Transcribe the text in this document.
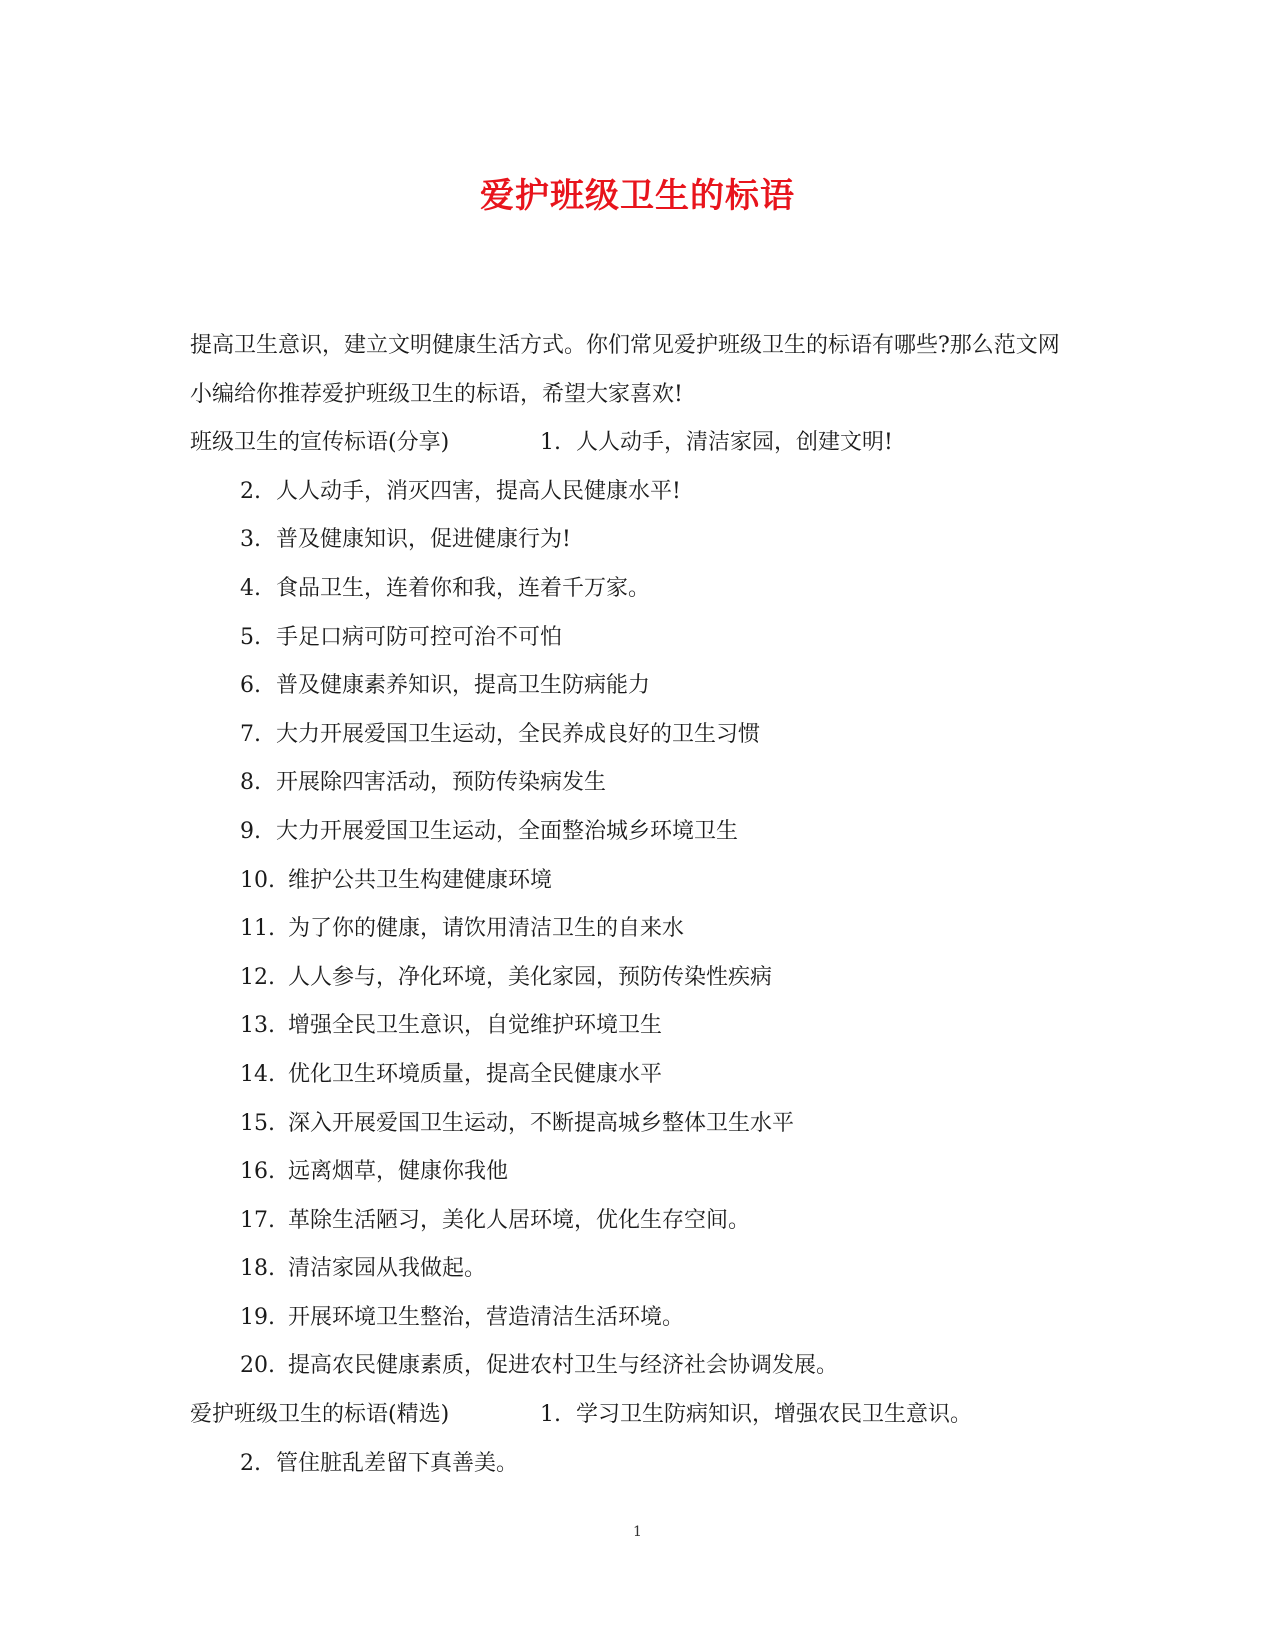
爱护班级卫生的标语

提高卫生意识，建立文明健康生活方式。你们常见爱护班级卫生的标语有哪些?那么范文网小编给你推荐爱护班级卫生的标语，希望大家喜欢!

班级卫生的宣传标语(分享)	1. 人人动手，清洁家园，创建文明!
2. 人人动手，消灭四害，提高人民健康水平!
3. 普及健康知识，促进健康行为!
4. 食品卫生，连着你和我，连着千万家。
5. 手足口病可防可控可治不可怕
6. 普及健康素养知识，提高卫生防病能力
7. 大力开展爱国卫生运动，全民养成良好的卫生习惯
8. 开展除四害活动，预防传染病发生
9. 大力开展爱国卫生运动，全面整治城乡环境卫生
10. 维护公共卫生构建健康环境
11. 为了你的健康，请饮用清洁卫生的自来水
12. 人人参与，净化环境，美化家园，预防传染性疾病
13. 增强全民卫生意识，自觉维护环境卫生
14. 优化卫生环境质量，提高全民健康水平
15. 深入开展爱国卫生运动，不断提高城乡整体卫生水平
16. 远离烟草，健康你我他
17. 革除生活陋习，美化人居环境，优化生存空间。
18. 清洁家园从我做起。
19. 开展环境卫生整治，营造清洁生活环境。
20. 提高农民健康素质，促进农村卫生与经济社会协调发展。
爱护班级卫生的标语(精选)	1. 学习卫生防病知识，增强农民卫生意识。
2. 管住脏乱差留下真善美。
1
